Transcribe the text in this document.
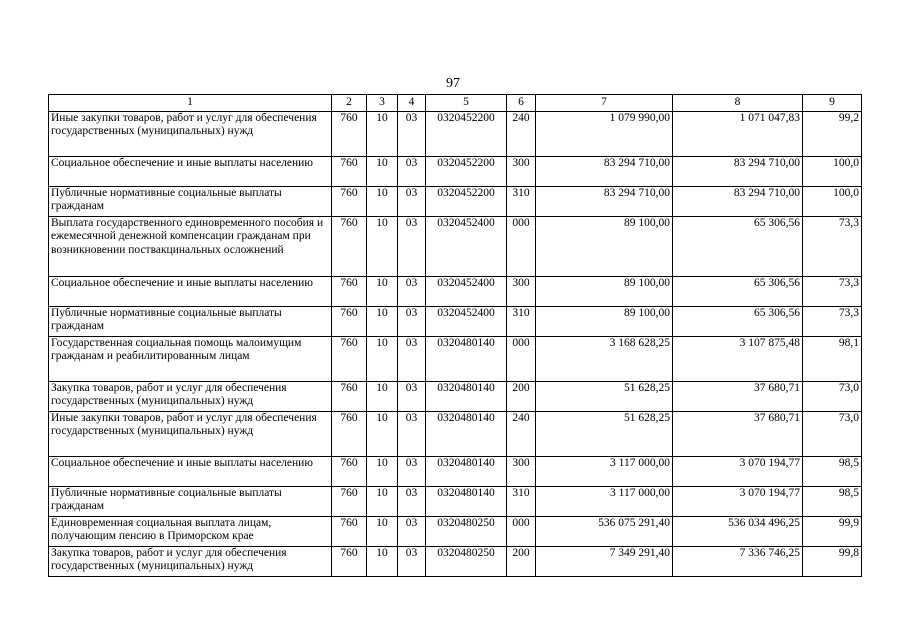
97
1	2	3	4	5	6	7	8	9
Иные закупки товаров, работ и услуг для обеспечения государственных (муниципальных) нужд	760	10	03	0320452200	240	1 079 990,00	1 071 047,83	99,2
Социальное обеспечение и иные выплаты населению	760	10	03	0320452200	300	83 294 710,00	83 294 710,00	100,0
Публичные нормативные социальные выплаты гражданам	760	10	03	0320452200	310	83 294 710,00	83 294 710,00	100,0
Выплата государственного единовременного пособия и ежемесячной денежной компенсации гражданам при возникновении поствакцинальных осложнений	760	10	03	0320452400	000	89 100,00	65 306,56	73,3
Социальное обеспечение и иные выплаты населению	760	10	03	0320452400	300	89 100,00	65 306,56	73,3
Публичные нормативные социальные выплаты гражданам	760	10	03	0320452400	310	89 100,00	65 306,56	73,3
Государственная социальная помощь малоимущим гражданам и реабилитированным лицам	760	10	03	0320480140	000	3 168 628,25	3 107 875,48	98,1
Закупка товаров, работ и услуг для обеспечения государственных (муниципальных) нужд	760	10	03	0320480140	200	51 628,25	37 680,71	73,0
Иные закупки товаров, работ и услуг для обеспечения государственных (муниципальных) нужд	760	10	03	0320480140	240	51 628,25	37 680,71	73,0
Социальное обеспечение и иные выплаты населению	760	10	03	0320480140	300	3 117 000,00	3 070 194,77	98,5
Публичные нормативные социальные выплаты гражданам	760	10	03	0320480140	310	3 117 000,00	3 070 194,77	98,5
Единовременная социальная выплата лицам, получающим пенсию в Приморском крае	760	10	03	0320480250	000	536 075 291,40	536 034 496,25	99,9
Закупка товаров, работ и услуг для обеспечения государственных (муниципальных) нужд	760	10	03	0320480250	200	7 349 291,40	7 336 746,25	99,8
